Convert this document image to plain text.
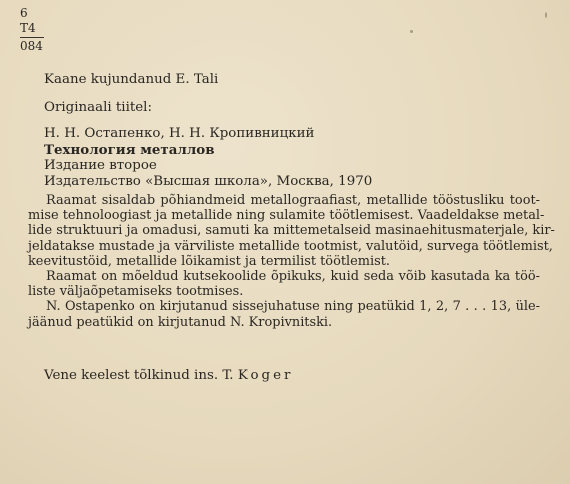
6 T4
084
Kaane kujundanud E. Tali
Originaali tiitel:
Н. Н. Остапенко, Н. Н. Кропивницкий
Технология металлов
Издание второе
Издательство «Высшая школа», Москва, 1970
Raamat sisaldab põhiandmeid metallograafiast, metallide tööstusliku toot-
mise tehnoloogiast ja metallide ning sulamite töötlemisest. Vaadeldakse metal-
lide struktuuri ja omadusi, samuti ka mittemetalseid masinaehitusmaterjale, kir-
jeldatakse mustade ja värviliste metallide tootmist, valutöid, survega töötlemist,
keevitustöid, metallide lõikamist ja termilist töötlemist.
Raamat on mõeldud kutsekoolide õpikuks, kuid seda võib kasutada ka töö-
liste väljaõpetamiseks tootmises.
N. Ostapenko on kirjutanud sissejuhatuse ning peatükid 1, 2, 7 . . . 13, üle-
jäänud peatükid on kirjutanud N. Kropivnitski.
Vene keelest tõlkinud ins. T. Koger
